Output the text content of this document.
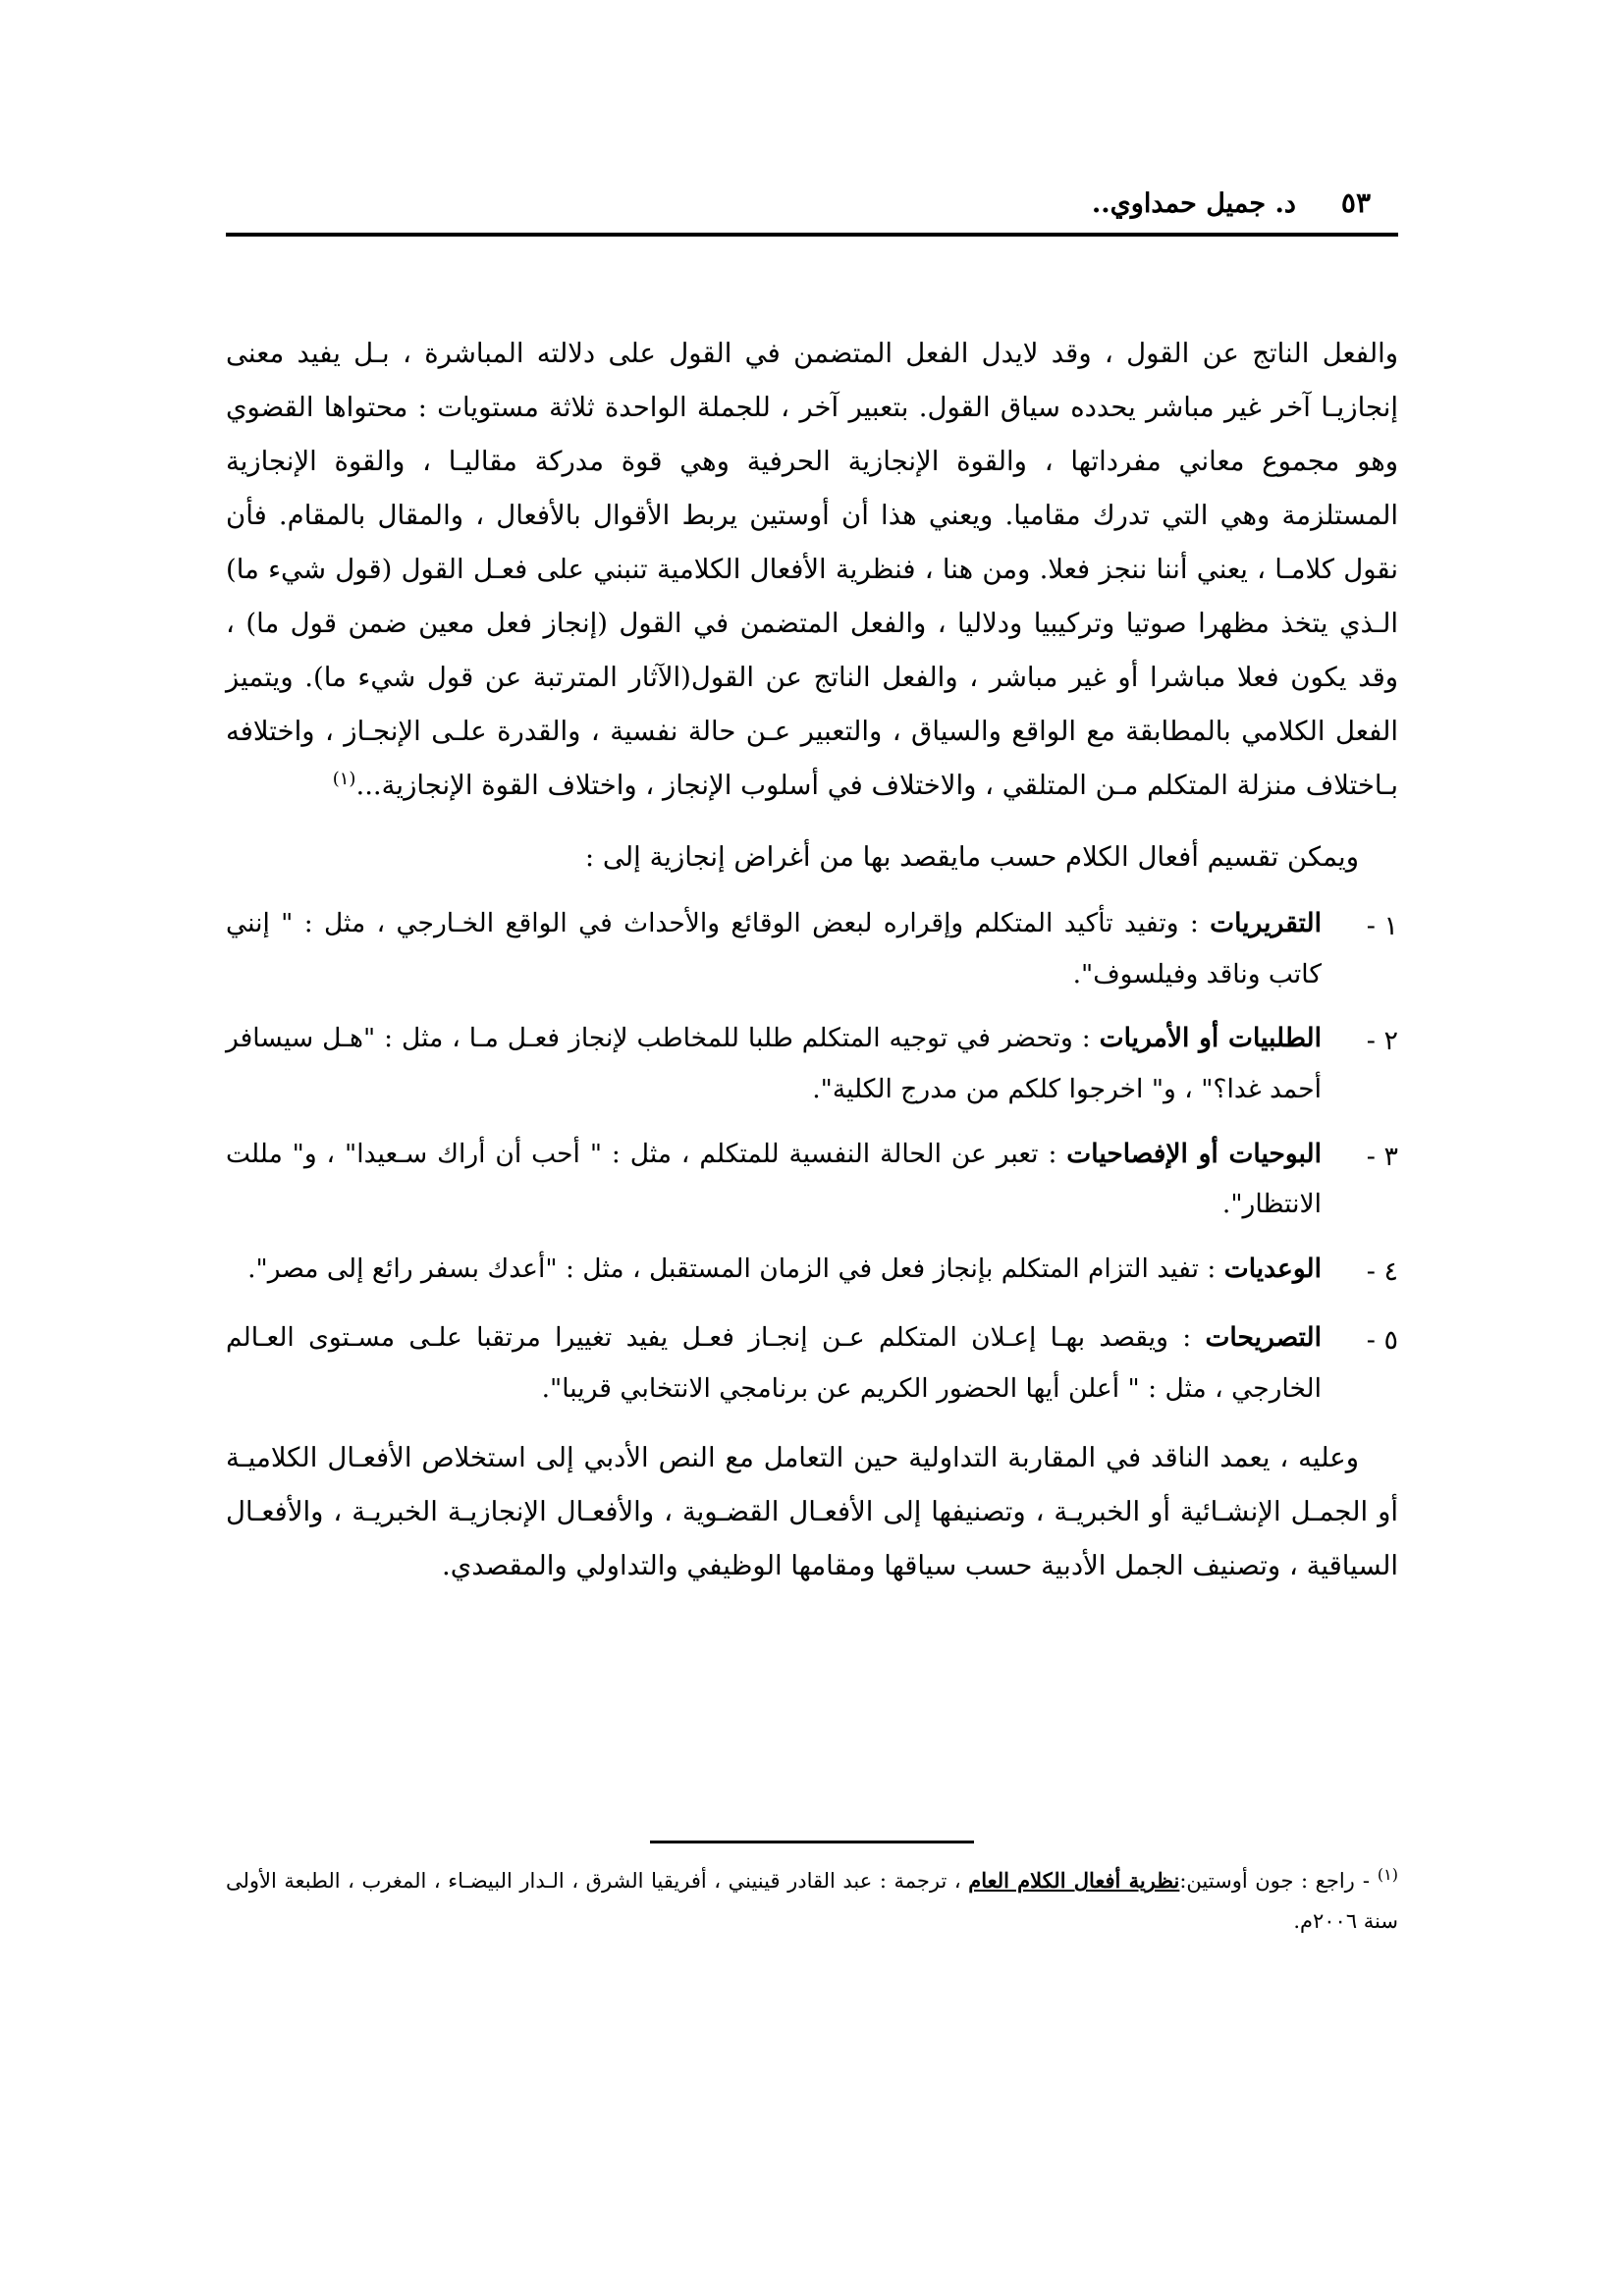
٥٣
د. جميل حمداوي..

والفعل الناتج عن القول ، وقد لايدل الفعل المتضمن في القول على دلالته المباشرة ، بـل يفيد معنى إنجازيـا آخر غير مباشر يحدده سياق القول. بتعبير آخر ، للجملة الواحدة ثلاثة مستويات : محتواها القضوي وهو مجموع معاني مفرداتها ، والقوة الإنجازية الحرفية وهي قوة مدركة مقاليـا ، والقوة الإنجازية المستلزمة وهي التي تدرك مقاميا. ويعني هذا أن أوستين يربط الأقوال بالأفعال ، والمقال بالمقام. فأن نقول كلامـا ، يعني أننا ننجز فعلا. ومن هنا ، فنظرية الأفعال الكلامية تنبني على فعـل القول (قول شيء ما) الـذي يتخذ مظهرا صوتيا وتركيبيا ودلاليا ، والفعل المتضمن في القول (إنجاز فعل معين ضمن قول ما) ، وقد يكون فعلا مباشرا أو غير مباشر ، والفعل الناتج عن القول(الآثار المترتبة عن قول شيء ما). ويتميز الفعل الكلامي بالمطابقة مع الواقع والسياق ، والتعبير عـن حالة نفسية ، والقدرة علـى الإنجـاز ، واختلافه بـاختلاف منزلة المتكلم مـن المتلقي ، والاختلاف في أسلوب الإنجاز ، واختلاف القوة الإنجازية...$^{(١)}$

ويمكن تقسيم أفعال الكلام حسب مايقصد بها من أغراض إنجازية إلى :

١ -
التقريريات : وتفيد تأكيد المتكلم وإقراره لبعض الوقائع والأحداث في الواقع الخـارجي ، مثل : " إنني كاتب وناقد وفيلسوف".
٢ -
الطلبيات أو الأمريات : وتحضر في توجيه المتكلم طلبا للمخاطب لإنجاز فعـل مـا ، مثل : "هـل سيسافر أحمد غدا؟" ، و" اخرجوا كلكم من مدرج الكلية".
٣ -
البوحيات أو الإفصاحيات : تعبر عن الحالة النفسية للمتكلم ، مثل : " أحب أن أراك سـعيدا" ، و" مللت الانتظار".
٤ -
الوعديات : تفيد التزام المتكلم بإنجاز فعل في الزمان المستقبل ، مثل : "أعدك بسفر رائع إلى مصر".
٥ -
التصريحات : ويقصد بهـا إعـلان المتكلم عـن إنجـاز فعـل يفيد تغييرا مرتقبا علـى مسـتوى العـالم الخارجي ، مثل : " أعلن أيها الحضور الكريم عن برنامجي الانتخابي قريبا".

وعليه ، يعمد الناقد في المقاربة التداولية حين التعامل مع النص الأدبي إلى استخلاص الأفعـال الكلاميـة أو الجمـل الإنشـائية أو الخبريـة ، وتصنيفها إلى الأفعـال القضـوية ، والأفعـال الإنجازيـة الخبريـة ، والأفعـال السياقية ، وتصنيف الجمل الأدبية حسب سياقها ومقامها الوظيفي والتداولي والمقصدي.

$^{(١)}$-راجع : جون أوستين:نظرية أفعال الكلام العام ، ترجمة : عبد القادر قينيني ، أفريقيا الشرق ، الـدار البيضـاء ، المغرب ، الطبعة الأولى سنة ٢٠٠٦م.
